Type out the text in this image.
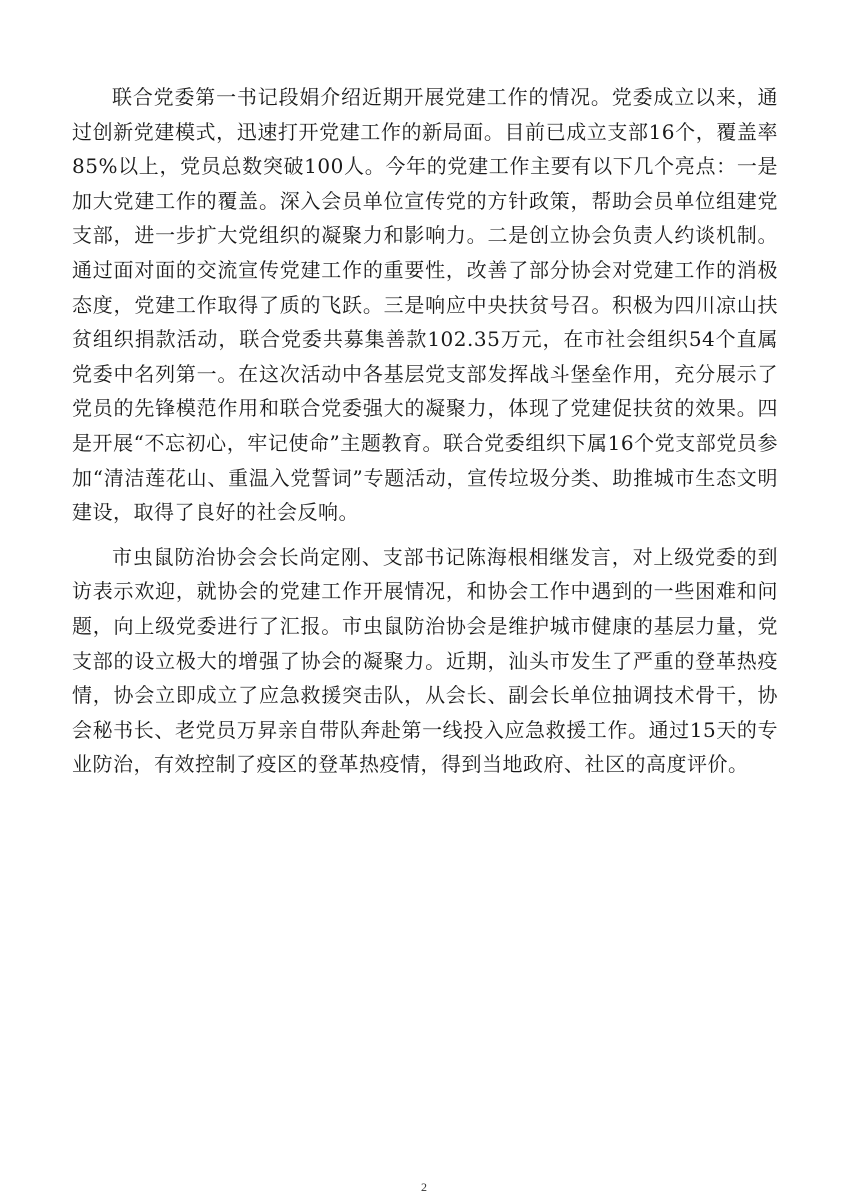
联合党委第一书记段娟介绍近期开展党建工作的情况。党委成立以来，通过创新党建模式，迅速打开党建工作的新局面。目前已成立支部16个，覆盖率85%以上，党员总数突破100人。今年的党建工作主要有以下几个亮点：一是加大党建工作的覆盖。深入会员单位宣传党的方针政策，帮助会员单位组建党支部，进一步扩大党组织的凝聚力和影响力。二是创立协会负责人约谈机制。通过面对面的交流宣传党建工作的重要性，改善了部分协会对党建工作的消极态度，党建工作取得了质的飞跃。三是响应中央扶贫号召。积极为四川凉山扶贫组织捐款活动，联合党委共募集善款102.35万元，在市社会组织54个直属党委中名列第一。在这次活动中各基层党支部发挥战斗堡垒作用，充分展示了党员的先锋模范作用和联合党委强大的凝聚力，体现了党建促扶贫的效果。四是开展“不忘初心，牢记使命”主题教育。联合党委组织下属16个党支部党员参加“清洁莲花山、重温入党誓词”专题活动，宣传垃圾分类、助推城市生态文明建设，取得了良好的社会反响。

市虫鼠防治协会会长尚定刚、支部书记陈海根相继发言，对上级党委的到访表示欢迎，就协会的党建工作开展情况，和协会工作中遇到的一些困难和问题，向上级党委进行了汇报。市虫鼠防治协会是维护城市健康的基层力量，党支部的设立极大的增强了协会的凝聚力。近期，汕头市发生了严重的登革热疫情，协会立即成立了应急救援突击队，从会长、副会长单位抽调技术骨干，协会秘书长、老党员万昇亲自带队奔赴第一线投入应急救援工作。通过15天的专业防治，有效控制了疫区的登革热疫情，得到当地政府、社区的高度评价。

2
